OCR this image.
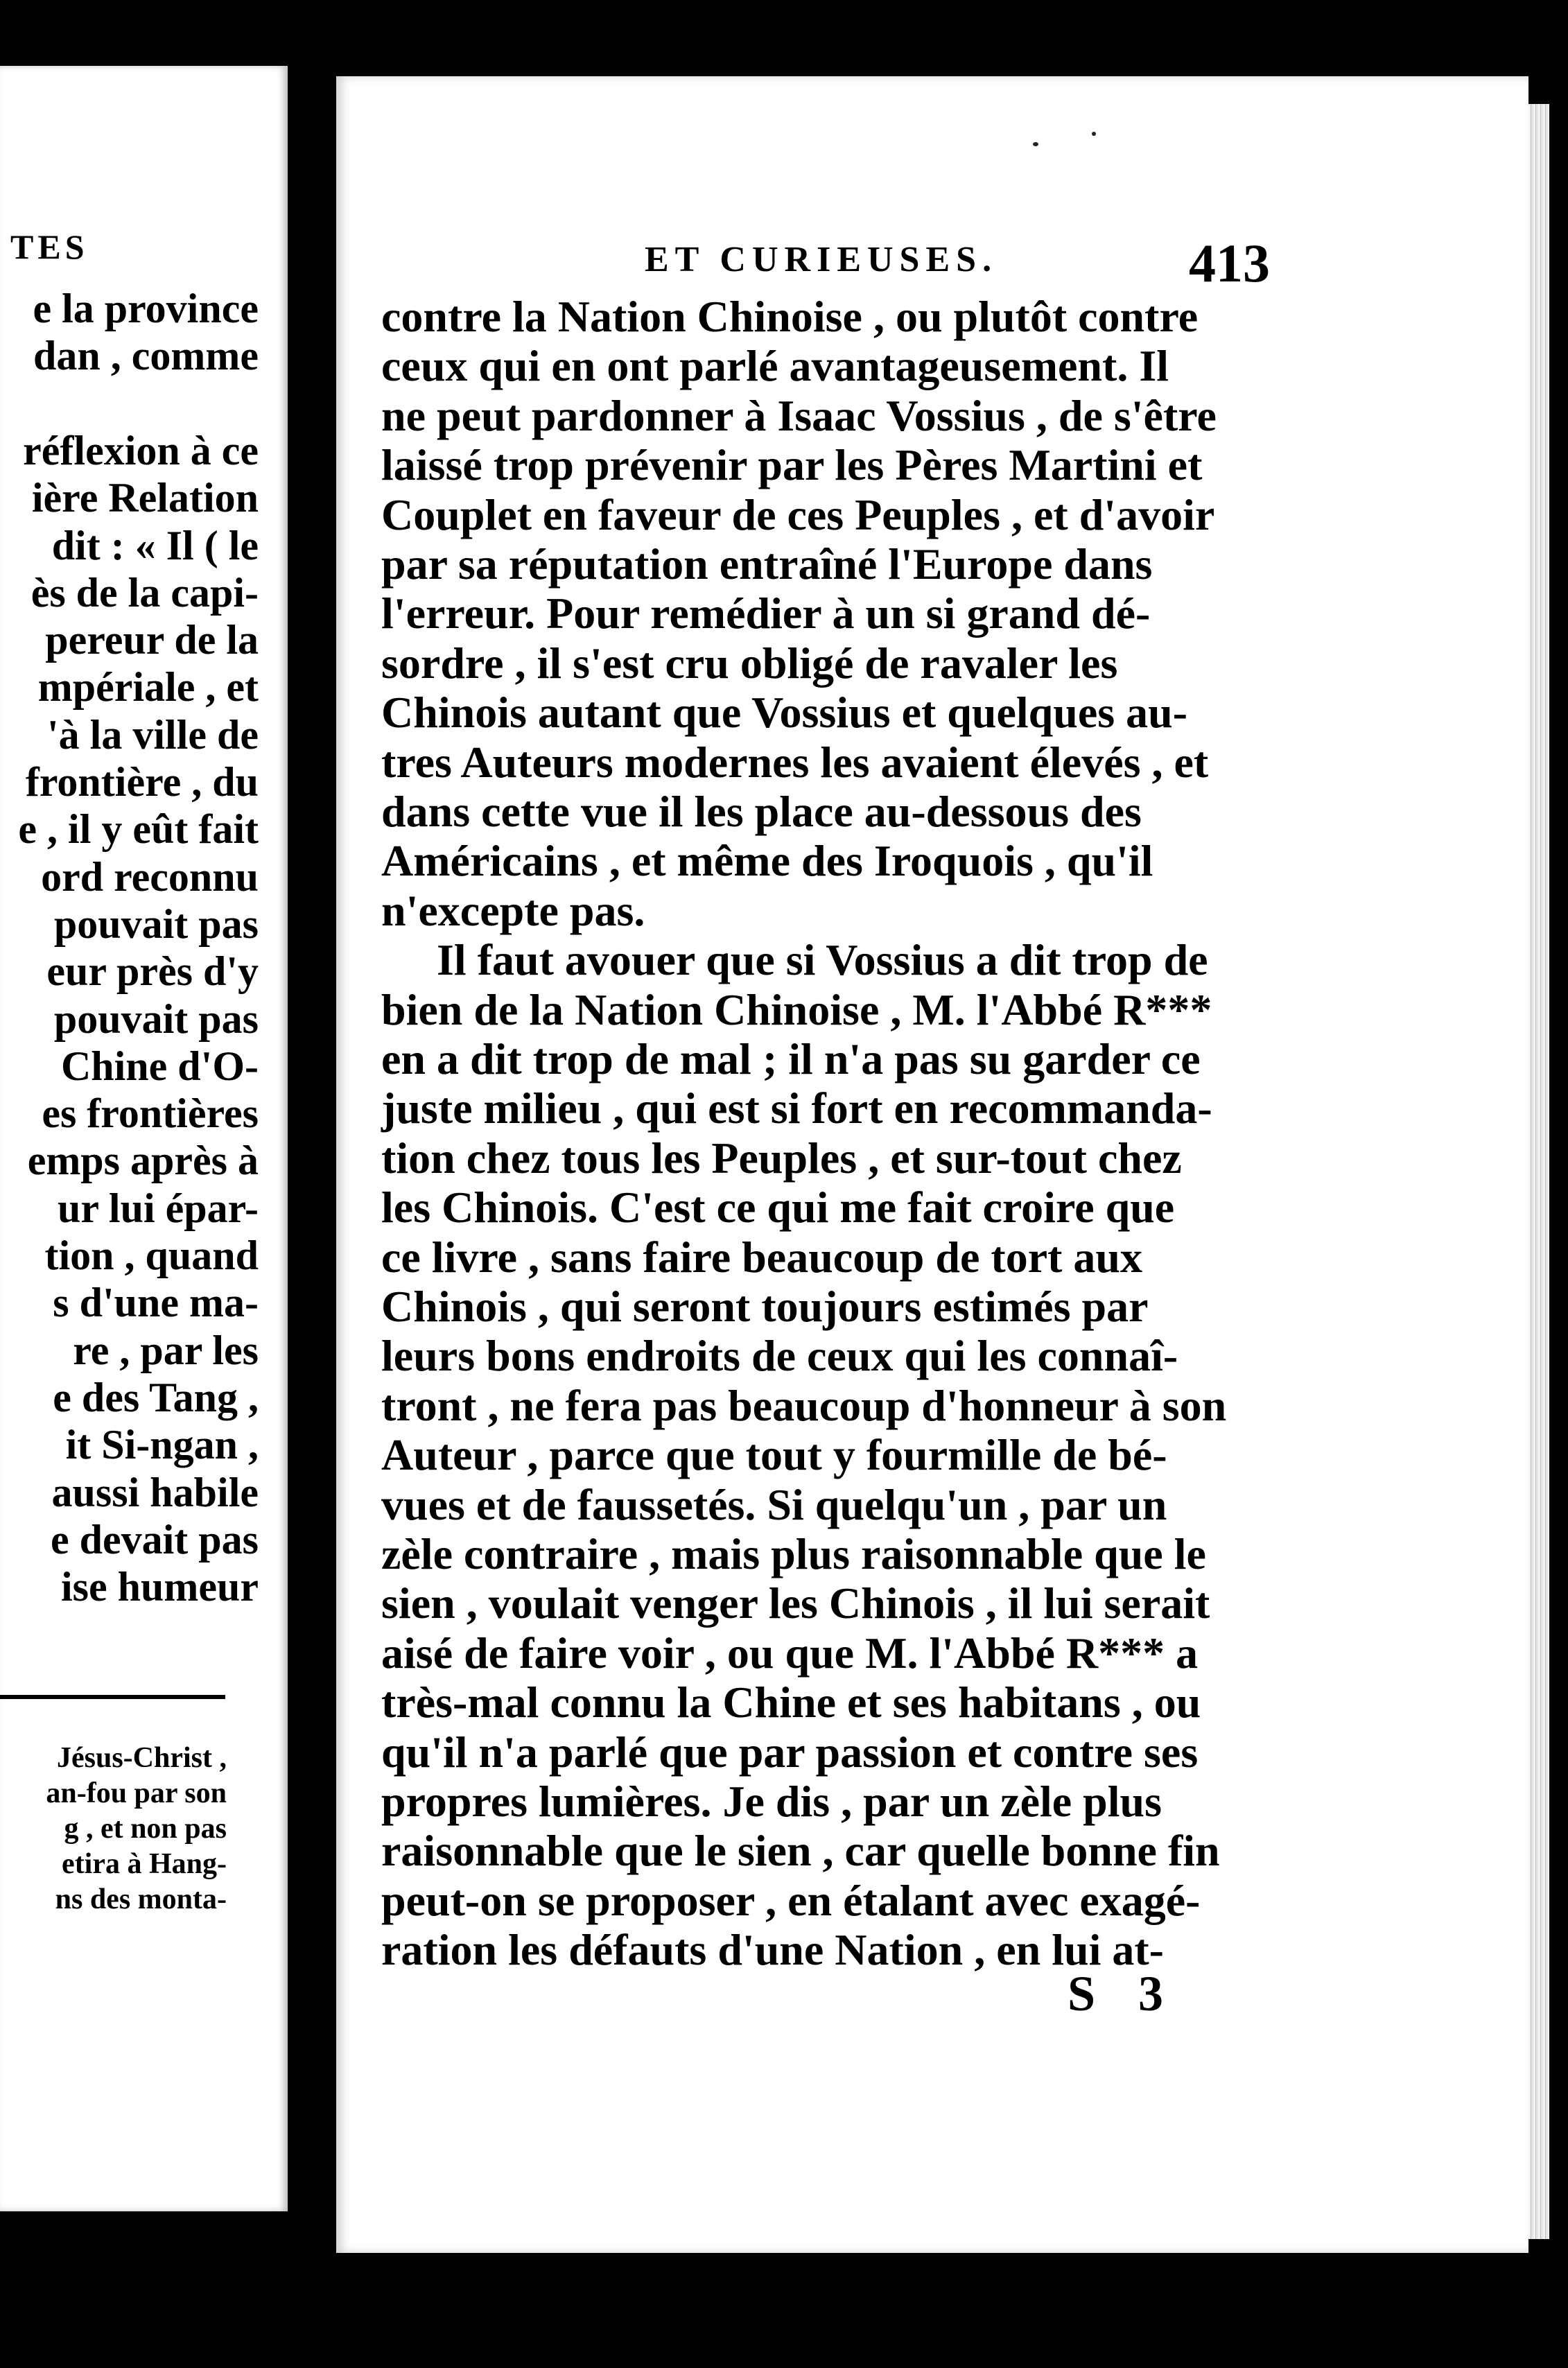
TES
e la province
dan , comme
réflexion à ce
ière Relation
dit : « Il ( le
ès de la capi-
pereur de la
mpériale , et
'à la ville de
frontière , du
e , il y eût fait
ord reconnu
pouvait pas
eur près d'y
pouvait pas
Chine d'O-
es frontières
emps après à
ur lui épar-
tion , quand
s d'une ma-
re , par les
e des Tang ,
it Si-ngan ,
aussi habile
e devait pas
ise humeur
Jésus-Christ ,
an-fou par son
g , et non pas
etira à Hang-
ns des monta-
ET CURIEUSES.	413
contre la Nation Chinoise , ou plutôt contre
ceux qui en ont parlé avantageusement. Il
ne peut pardonner à Isaac Vossius , de s'être
laissé trop prévenir par les Pères Martini et
Couplet en faveur de ces Peuples , et d'avoir
par sa réputation entraîné l'Europe dans
l'erreur. Pour remédier à un si grand dé-
sordre , il s'est cru obligé de ravaler les
Chinois autant que Vossius et quelques au-
tres Auteurs modernes les avaient élevés , et
dans cette vue il les place au-dessous des
Américains , et même des Iroquois , qu'il
n'excepte pas.
Il faut avouer que si Vossius a dit trop de
bien de la Nation Chinoise , M. l'Abbé R***
en a dit trop de mal ; il n'a pas su garder ce
juste milieu , qui est si fort en recommanda-
tion chez tous les Peuples , et sur-tout chez
les Chinois. C'est ce qui me fait croire que
ce livre , sans faire beaucoup de tort aux
Chinois , qui seront toujours estimés par
leurs bons endroits de ceux qui les connaî-
tront , ne fera pas beaucoup d'honneur à son
Auteur , parce que tout y fourmille de bé-
vues et de faussetés. Si quelqu'un , par un
zèle contraire , mais plus raisonnable que le
sien , voulait venger les Chinois , il lui serait
aisé de faire voir , ou que M. l'Abbé R*** a
très-mal connu la Chine et ses habitans , ou
qu'il n'a parlé que par passion et contre ses
propres lumières. Je dis , par un zèle plus
raisonnable que le sien , car quelle bonne fin
peut-on se proposer , en étalant avec exagé-
ration les défauts d'une Nation , en lui at-
S 3
